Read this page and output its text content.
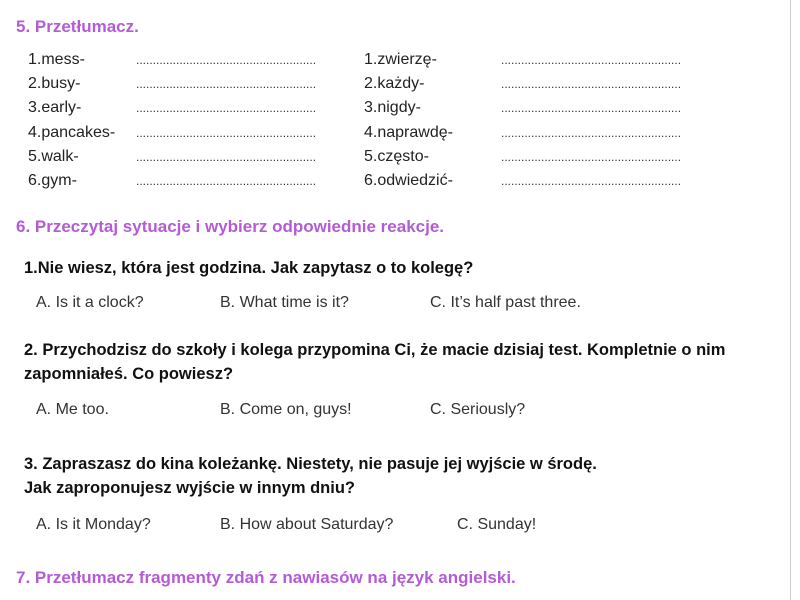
5. Przetłumacz.
1.mess-	......................................................
2.busy-	......................................................
3.early-	......................................................
4.pancakes- ......................................................
5.walk-	......................................................
6.gym-	......................................................
1.zwierzę-	......................................................
2.każdy-	......................................................
3.nigdy-	......................................................
4.naprawdę-	......................................................
5.często-	......................................................
6.odwiedzić-	......................................................
6. Przeczytaj sytuacje i wybierz odpowiednie reakcje.
1.Nie wiesz, która jest godzina. Jak zapytasz o to kolegę?
A. Is it a clock?	B. What time is it?	C. It’s half past three.
2. Przychodzisz do szkoły i kolega przypomina Ci, że macie dzisiaj test. Kompletnie o nim zapomniałeś. Co powiesz?
A. Me too.	B. Come on, guys!	C. Seriously?
3. Zapraszasz do kina koleżankę. Niestety, nie pasuje jej wyjście w środę.
Jak zaproponujesz wyjście w innym dniu?
A. Is it Monday?	B. How about Saturday?	C. Sunday!
7. Przetłumacz fragmenty zdań z nawiasów na język angielski.
